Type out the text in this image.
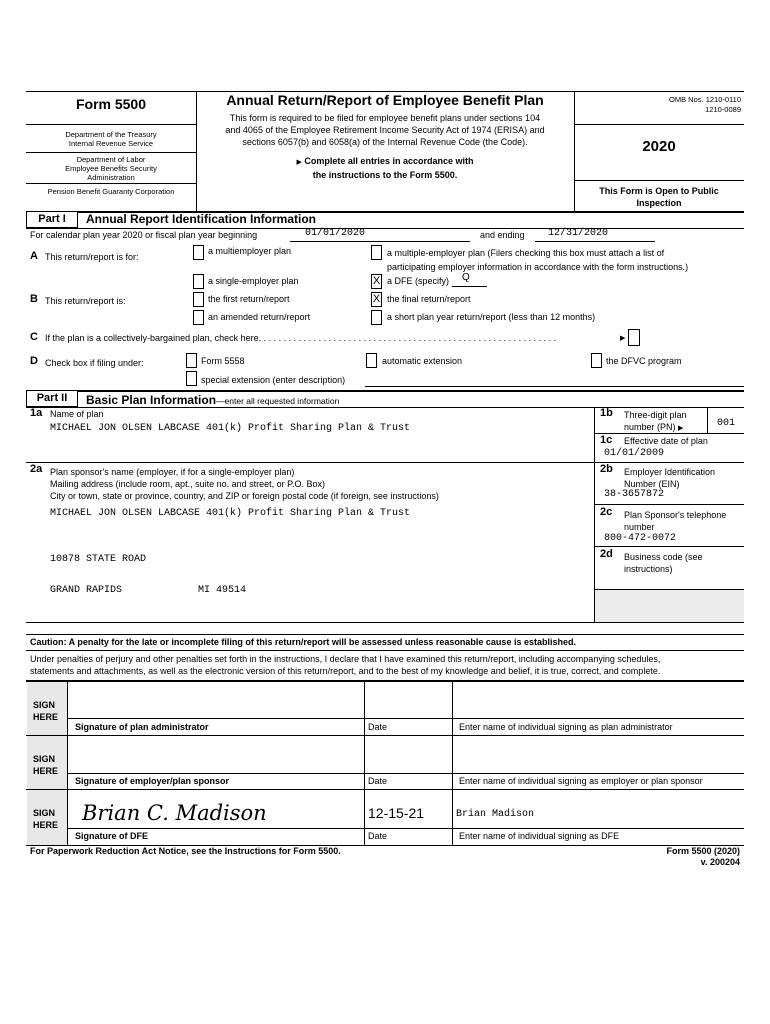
Form 5500
Department of the Treasury
Internal Revenue Service
Department of Labor
Employee Benefits Security
Administration
Pension Benefit Guaranty Corporation
Annual Return/Report of Employee Benefit Plan
This form is required to be filed for employee benefit plans under sections 104
and 4065 of the Employee Retirement Income Security Act of 1974 (ERISA) and
sections 6057(b) and 6058(a) of the Internal Revenue Code (the Code).
▶ Complete all entries in accordance with
the instructions to the Form 5500.
OMB Nos. 1210-0110
1210-0089
2020
This Form is Open to Public
Inspection
Part I	Annual Report Identification Information
For calendar plan year 2020 or fiscal plan year beginning	01/01/2020	and ending 12/31/2020
A This return/report is for:
a multiemployer plan	a multiple-employer plan (Filers checking this box must attach a list of
participating employer information in accordance with the form instructions.)
a single-employer plan	X a DFE (specify) Q
B This return/report is:	the first return/report	X the final return/report
an amended return/report	a short plan year return/report (less than 12 months)
C If the plan is a collectively-bargained plan, check here. . . . . . . . . . . . . . . . . . . . . . . . . . . . . . . . . . . . . . . . . . . . . . . . . . . . . . . . . . . .	▶
D Check box if filing under:	Form 5558	automatic extension	the DFVC program
special extension (enter description)
Part II	Basic Plan Information—enter all requested information
1a Name of plan
MICHAEL JON OLSEN LABCASE 401(k) Profit Sharing Plan & Trust
1b Three-digit plan
number (PN) ▶	001
1c Effective date of plan
01/01/2009
2a Plan sponsor's name (employer, if for a single-employer plan)
Mailing address (include room, apt., suite no. and street, or P.O. Box)
City or town, state or province, country, and ZIP or foreign postal code (if foreign, see instructions)
MICHAEL JON OLSEN LABCASE 401(k) Profit Sharing Plan & Trust
10878 STATE ROAD
GRAND RAPIDS	MI 49514
2b Employer Identification
Number (EIN)
38-3657872
2c Plan Sponsor's telephone
number
800-472-0072
2d Business code (see
instructions)
Caution: A penalty for the late or incomplete filing of this return/report will be assessed unless reasonable cause is established.
Under penalties of perjury and other penalties set forth in the instructions, I declare that I have examined this return/report, including accompanying schedules,
statements and attachments, as well as the electronic version of this return/report, and to the best of my knowledge and belief, it is true, correct, and complete.
SIGN
HERE
Signature of plan administrator	Date	Enter name of individual signing as plan administrator
SIGN
HERE
Signature of employer/plan sponsor	Date	Enter name of individual signing as employer or plan sponsor
SIGN
HERE Brian C. Madison	12-15-21	Brian Madison
Signature of DFE	Date	Enter name of individual signing as DFE
For Paperwork Reduction Act Notice, see the Instructions for Form 5500.	Form 5500 (2020)
v. 200204
